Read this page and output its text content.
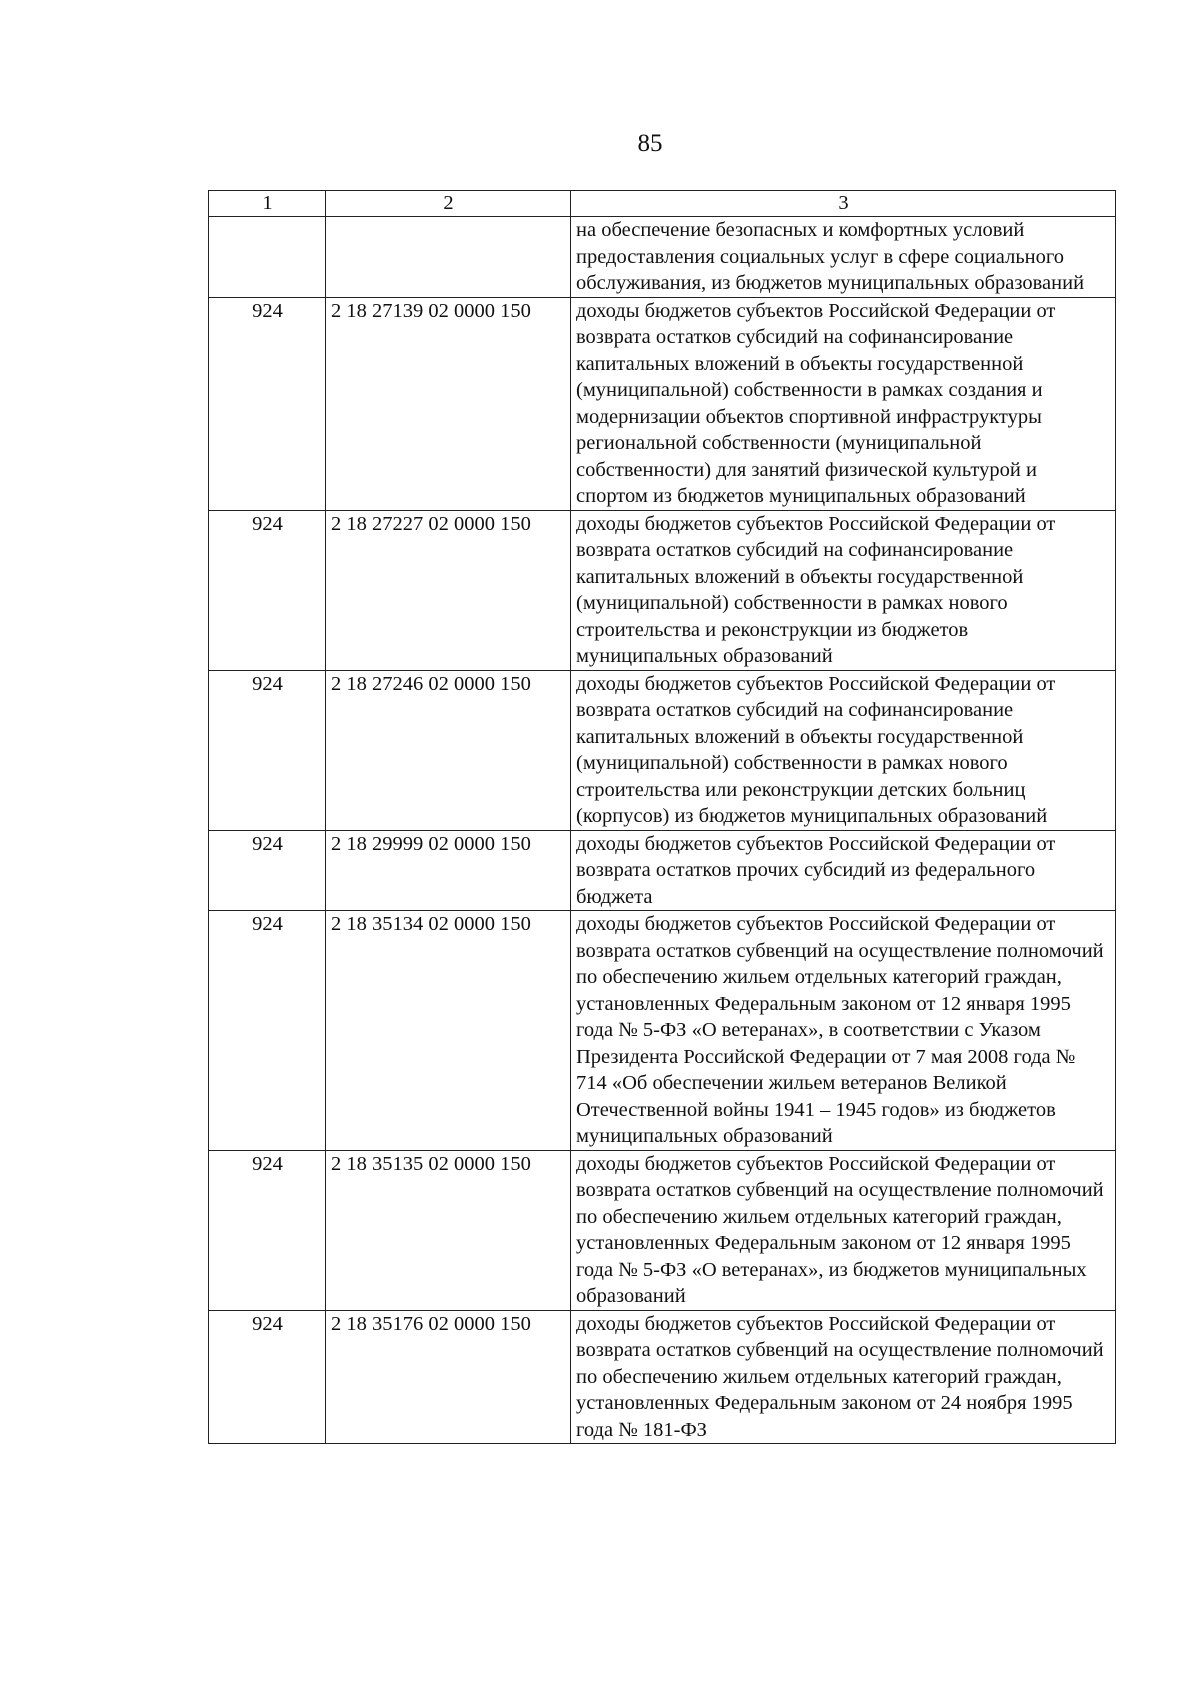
85
1	2	3
		на обеспечение безопасных и комфортных условий предоставления социальных услуг в сфере социального обслуживания, из бюджетов муниципальных образований
924	2 18 27139 02 0000 150	доходы бюджетов субъектов Российской Федерации от возврата остатков субсидий на софинансирование капитальных вложений в объекты государственной (муниципальной) собственности в рамках создания и модернизации объектов спортивной инфраструктуры региональной собственности (муниципальной собственности) для занятий физической культурой и спортом из бюджетов муниципальных образований
924	2 18 27227 02 0000 150	доходы бюджетов субъектов Российской Федерации от возврата остатков субсидий на софинансирование капитальных вложений в объекты государственной (муниципальной) собственности в рамках нового строительства и реконструкции из бюджетов муниципальных образований
924	2 18 27246 02 0000 150	доходы бюджетов субъектов Российской Федерации от возврата остатков субсидий на софинансирование капитальных вложений в объекты государственной (муниципальной) собственности в рамках нового строительства или реконструкции детских больниц (корпусов) из бюджетов муниципальных образований
924	2 18 29999 02 0000 150	доходы бюджетов субъектов Российской Федерации от возврата остатков прочих субсидий из федерального бюджета
924	2 18 35134 02 0000 150	доходы бюджетов субъектов Российской Федерации от возврата остатков субвенций на осуществление полномочий по обеспечению жильем отдельных категорий граждан, установленных Федеральным законом от 12 января 1995 года № 5-ФЗ «О ветеранах», в соответствии с Указом Президента Российской Федерации от 7 мая 2008 года № 714 «Об обеспечении жильем ветеранов Великой Отечественной войны 1941 – 1945 годов» из бюджетов муниципальных образований
924	2 18 35135 02 0000 150	доходы бюджетов субъектов Российской Федерации от возврата остатков субвенций на осуществление полномочий по обеспечению жильем отдельных категорий граждан, установленных Федеральным законом от 12 января 1995 года № 5-ФЗ «О ветеранах», из бюджетов муниципальных образований
924	2 18 35176 02 0000 150	доходы бюджетов субъектов Российской Федерации от возврата остатков субвенций на осуществление полномочий по обеспечению жильем отдельных категорий граждан, установленных Федеральным законом от 24 ноября 1995 года № 181-ФЗ
